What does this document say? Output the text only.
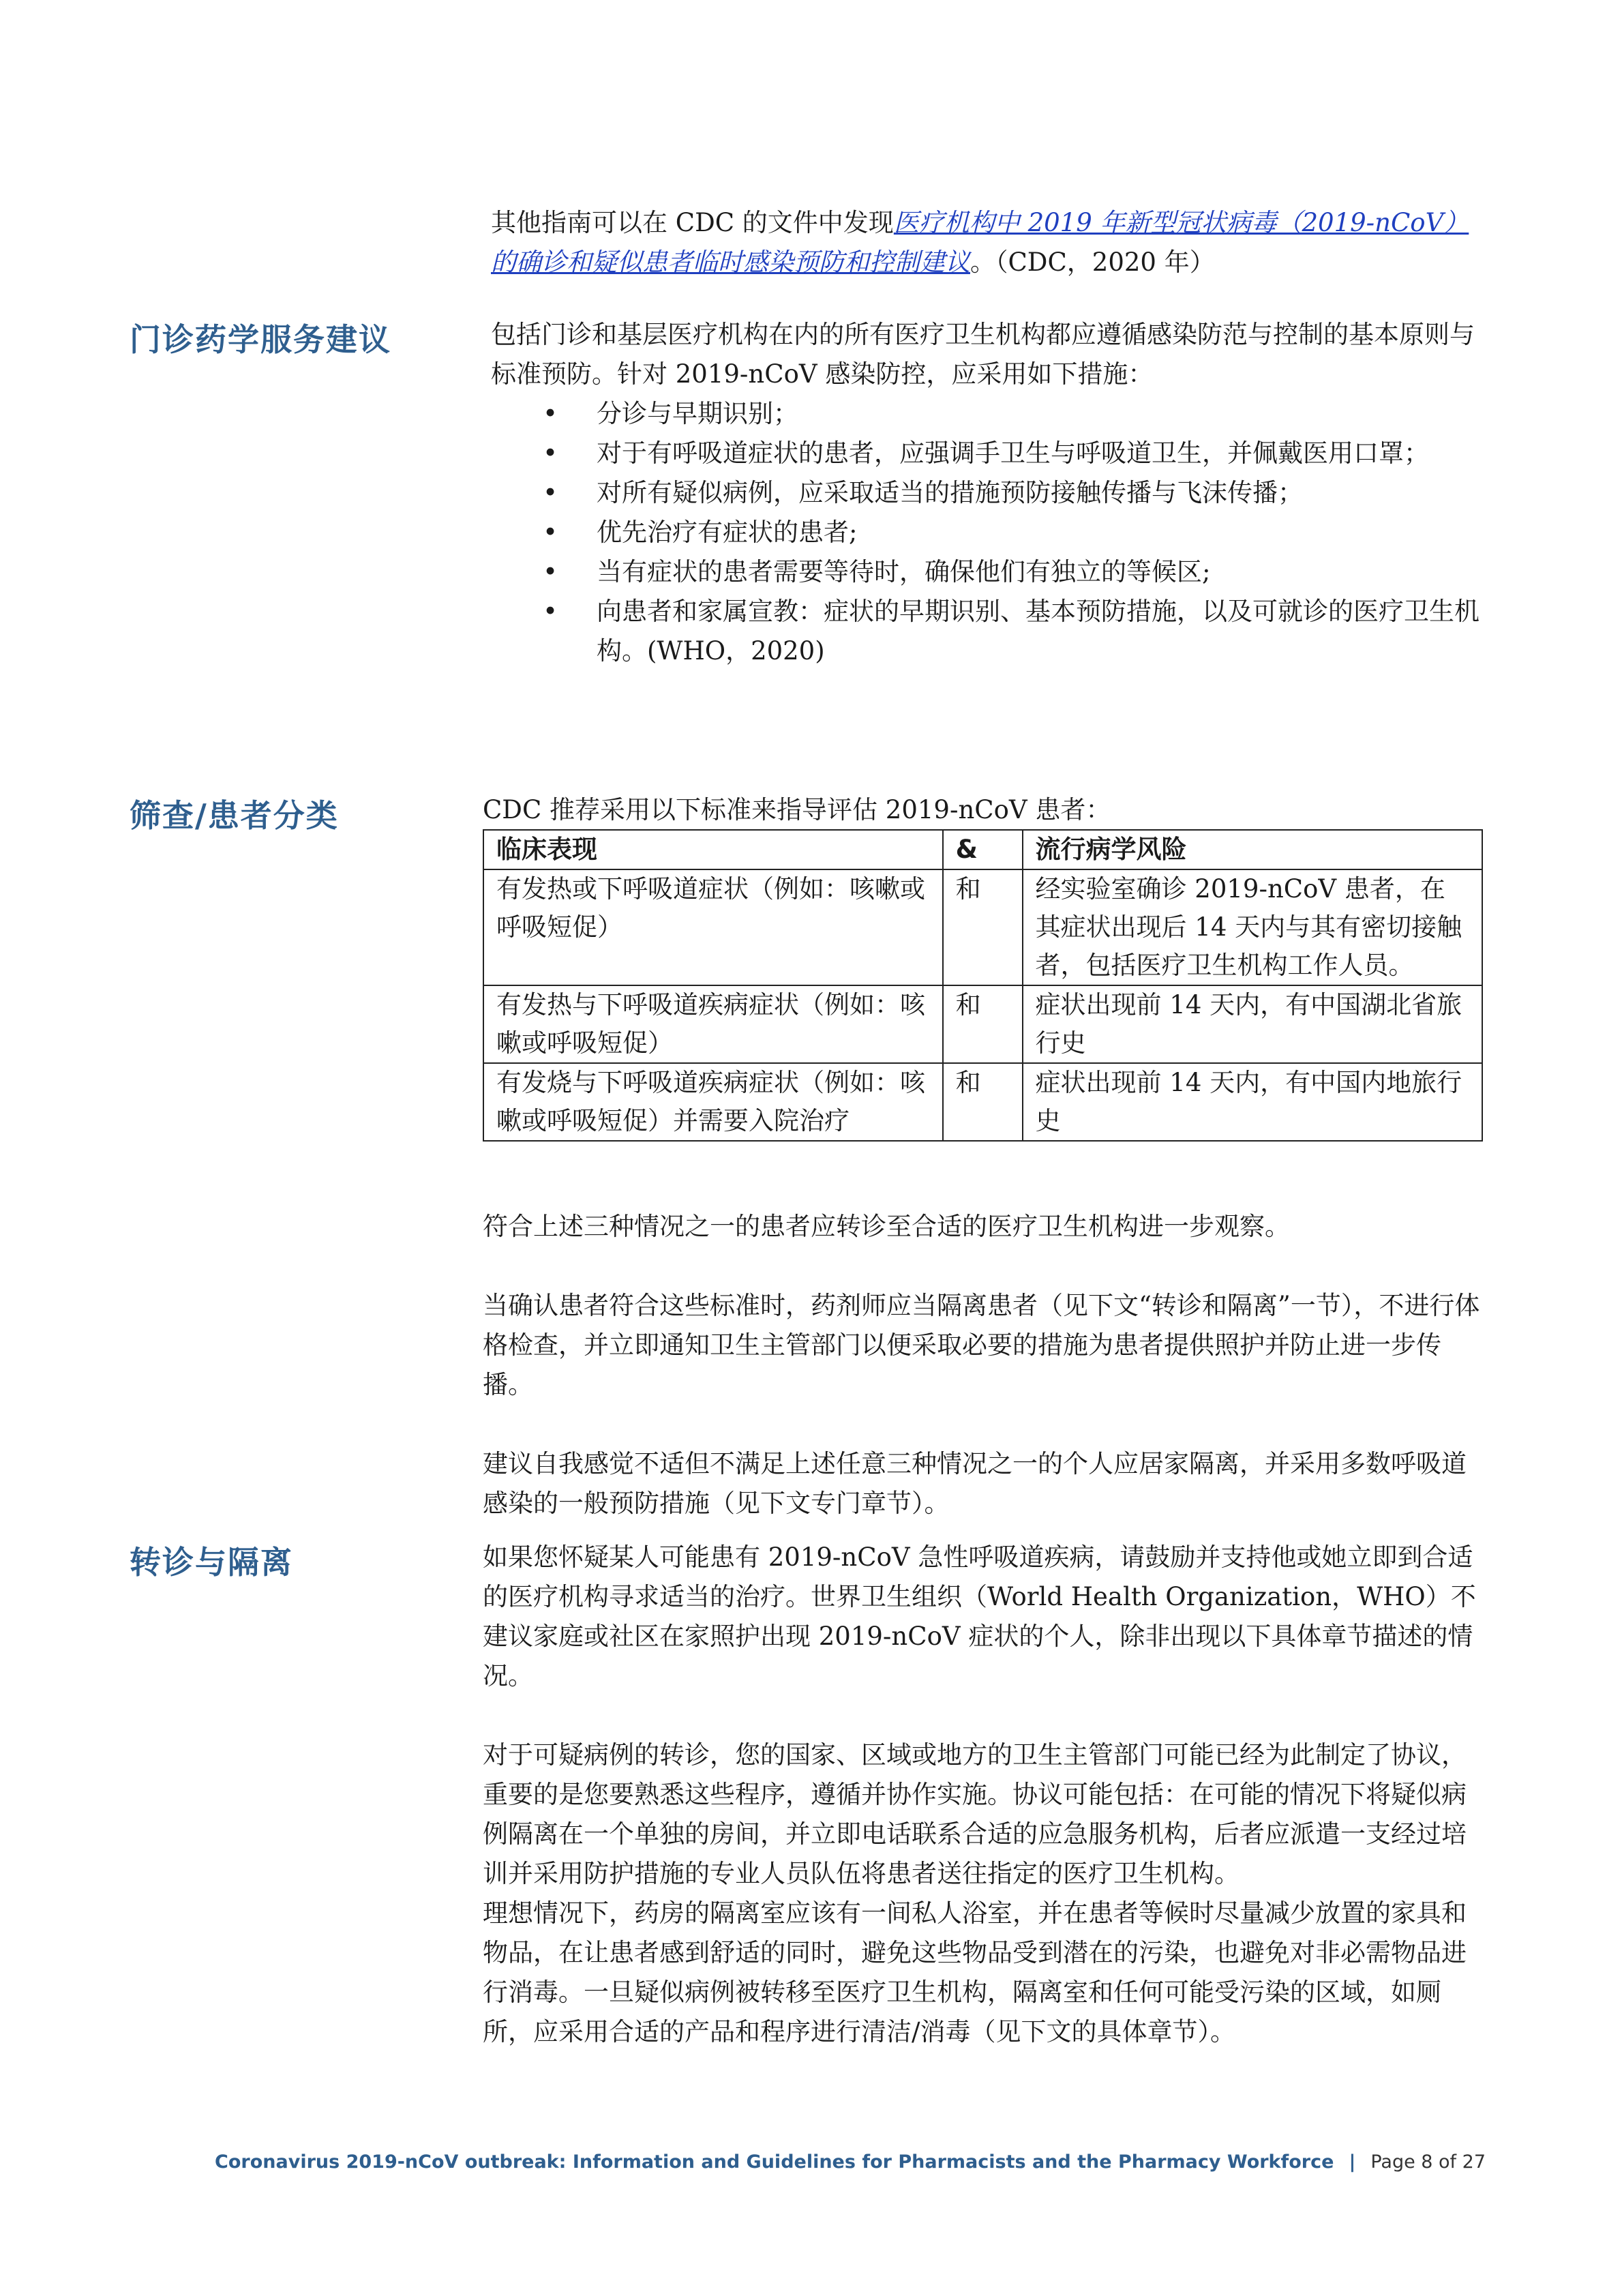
其他指南可以在 CDC 的文件中发现医疗机构中 2019 年新型冠状病毒（2019-nCoV）的确诊和疑似患者临时感染预防和控制建议。（CDC，2020 年）
门诊药学服务建议	包括门诊和基层医疗机构在内的所有医疗卫生机构都应遵循感染防范与控制的基本原则与标准预防。针对 2019-nCoV 感染防控，应采用如下措施：

• 分诊与早期识别；
• 对于有呼吸道症状的患者，应强调手卫生与呼吸道卫生，并佩戴医用口罩；
• 对所有疑似病例，应采取适当的措施预防接触传播与飞沫传播；
• 优先治疗有症状的患者;
• 当有症状的患者需要等待时，确保他们有独立的等候区;
• 向患者和家属宣教：症状的早期识别、基本预防措施，以及可就诊的医疗卫生机构。(WHO，2020)
筛查/患者分类	CDC 推荐采用以下标准来指导评估 2019-nCoV 患者：
临床表现	&	流行病学风险
有发热或下呼吸道症状（例如：咳嗽或呼吸短促）	和	经实验室确诊 2019-nCoV 患者，在其症状出现后 14 天内与其有密切接触者，包括医疗卫生机构工作人员。
有发热与下呼吸道疾病症状（例如：咳嗽或呼吸短促）	和	症状出现前 14 天内，有中国湖北省旅行史
有发烧与下呼吸道疾病症状（例如：咳嗽或呼吸短促）并需要入院治疗	和	症状出现前 14 天内，有中国内地旅行史

符合上述三种情况之一的患者应转诊至合适的医疗卫生机构进一步观察。

当确认患者符合这些标准时，药剂师应当隔离患者（见下文“转诊和隔离”一节），不进行体格检查，并立即通知卫生主管部门以便采取必要的措施为患者提供照护并防止进一步传播。

建议自我感觉不适但不满足上述任意三种情况之一的个人应居家隔离，并采用多数呼吸道感染的一般预防措施（见下文专门章节）。

转诊与隔离	如果您怀疑某人可能患有 2019-nCoV 急性呼吸道疾病，请鼓励并支持他或她立即到合适的医疗机构寻求适当的治疗。世界卫生组织（World Health Organization，WHO）不建议家庭或社区在家照护出现 2019-nCoV 症状的个人，除非出现以下具体章节描述的情况。

对于可疑病例的转诊，您的国家、区域或地方的卫生主管部门可能已经为此制定了协议，重要的是您要熟悉这些程序，遵循并协作实施。协议可能包括：在可能的情况下将疑似病例隔离在一个单独的房间，并立即电话联系合适的应急服务机构，后者应派遣一支经过培训并采用防护措施的专业人员队伍将患者送往指定的医疗卫生机构。

理想情况下，药房的隔离室应该有一间私人浴室，并在患者等候时尽量减少放置的家具和物品，在让患者感到舒适的同时，避免这些物品受到潜在的污染，也避免对非必需物品进行消毒。一旦疑似病例被转移至医疗卫生机构，隔离室和任何可能受污染的区域，如厕所，应采用合适的产品和程序进行清洁/消毒（见下文的具体章节）。

Coronavirus 2019-nCoV outbreak: Information and Guidelines for Pharmacists and the Pharmacy Workforce | Page 8 of 27
